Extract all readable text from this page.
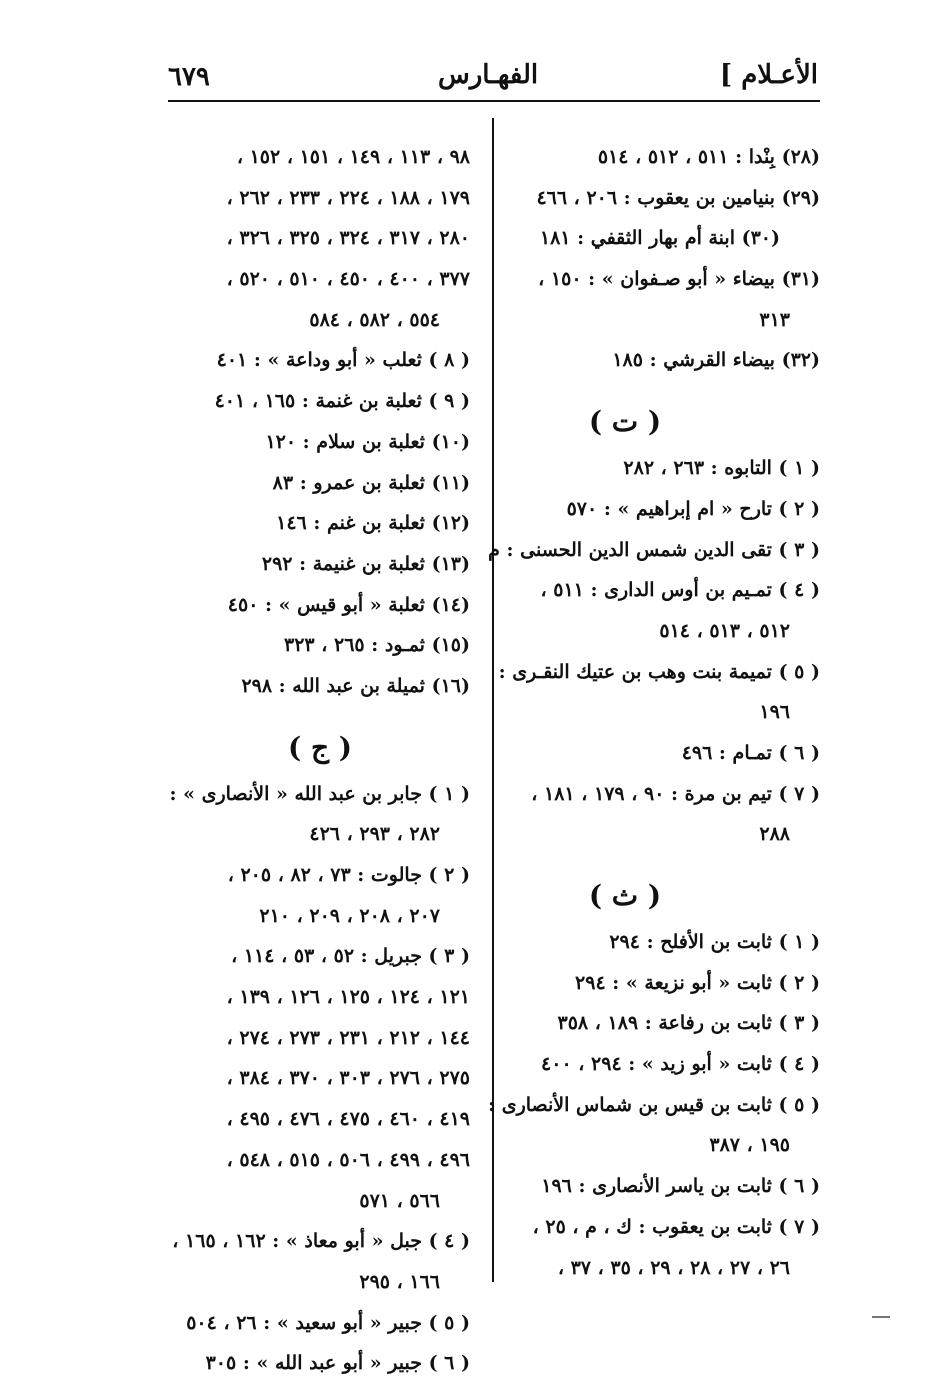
٦٧٩	الفهـارس	الأعـلام ]
(٢٨) بِنْدا : ٥١١ ، ٥١٢ ، ٥١٤
(٢٩) بنيامين بن يعقوب : ٢٠٦ ، ٤٦٦
(٣٠) ابنة أم بهار الثقفي : ١٨١
(٣١) بيضاء « أبو صـفوان » : ١٥٠ ،
٣١٣
(٣٢) بيضاء القرشي : ١٨٥
( ت )
( ١ ) التابوه : ٢٦٣ ، ٢٨٢
( ٢ ) تارح « ام إبراهيم » : ٥٧٠
( ٣ ) تقى الدين شمس الدين الحسنى : م
( ٤ ) تمـيم بن أوس الدارى : ٥١١ ،
٥١٢ ، ٥١٣ ، ٥١٤
( ٥ ) تميمة بنت وهب بن عتيك النقـرى :
١٩٦
( ٦ ) تمـام : ٤٩٦
( ٧ ) تيم بن مرة : ٩٠ ، ١٧٩ ، ١٨١ ،
٢٨٨
( ث )
( ١ ) ثابت بن الأفلح : ٢٩٤
( ٢ ) ثابت « أبو نزيعة » : ٢٩٤
( ٣ ) ثابت بن رفاعة : ١٨٩ ، ٣٥٨
( ٤ ) ثابت « أبو زيد » : ٢٩٤ ، ٤٠٠
( ٥ ) ثابت بن قيس بن شماس الأنصارى :
١٩٥ ، ٣٨٧
( ٦ ) ثابت بن ياسر الأنصارى : ١٩٦
( ٧ ) ثابت بن يعقوب : ك ، م ، ٢٥ ،
٢٦ ، ٢٧ ، ٢٨ ، ٢٩ ، ٣٥ ، ٣٧ ،
٩٨ ، ١١٣ ، ١٤٩ ، ١٥١ ، ١٥٢ ،
١٧٩ ، ١٨٨ ، ٢٢٤ ، ٢٣٣ ، ٢٦٢ ،
٢٨٠ ، ٣١٧ ، ٣٢٤ ، ٣٢٥ ، ٣٢٦ ،
٣٧٧ ، ٤٠٠ ، ٤٥٠ ، ٥١٠ ، ٥٢٠ ،
٥٥٤ ، ٥٨٢ ، ٥٨٤
( ٨ ) ثعلب « أبو وداعة » : ٤٠١
( ٩ ) ثعلبة بن غنمة : ١٦٥ ، ٤٠١
(١٠) ثعلبة بن سلام : ١٢٠
(١١) ثعلبة بن عمرو : ٨٣
(١٢) ثعلبة بن غنم : ١٤٦
(١٣) ثعلبة بن غنيمة : ٢٩٢
(١٤) ثعلبة « أبو قيس » : ٤٥٠
(١٥) ثمـود : ٢٦٥ ، ٣٢٣
(١٦) ثميلة بن عبد الله : ٢٩٨
( ج )
( ١ ) جابر بن عبد الله « الأنصارى » :
٢٨٢ ، ٢٩٣ ، ٤٢٦
( ٢ ) جالوت : ٧٣ ، ٨٢ ، ٢٠٥ ،
٢٠٧ ، ٢٠٨ ، ٢٠٩ ، ٢١٠
( ٣ ) جبريل : ٥٢ ، ٥٣ ، ١١٤ ،
١٢١ ، ١٢٤ ، ١٢٥ ، ١٢٦ ، ١٣٩ ،
١٤٤ ، ٢١٢ ، ٢٣١ ، ٢٧٣ ، ٢٧٤ ،
٢٧٥ ، ٢٧٦ ، ٣٠٣ ، ٣٧٠ ، ٣٨٤ ،
٤١٩ ، ٤٦٠ ، ٤٧٥ ، ٤٧٦ ، ٤٩٥ ،
٤٩٦ ، ٤٩٩ ، ٥٠٦ ، ٥١٥ ، ٥٤٨ ،
٥٦٦ ، ٥٧١
( ٤ ) جبل « أبو معاذ » : ١٦٢ ، ١٦٥ ،
١٦٦ ، ٢٩٥
( ٥ ) جبير « أبو سعيد » : ٢٦ ، ٥٠٤
( ٦ ) جبير « أبو عبد الله » : ٣٠٥
